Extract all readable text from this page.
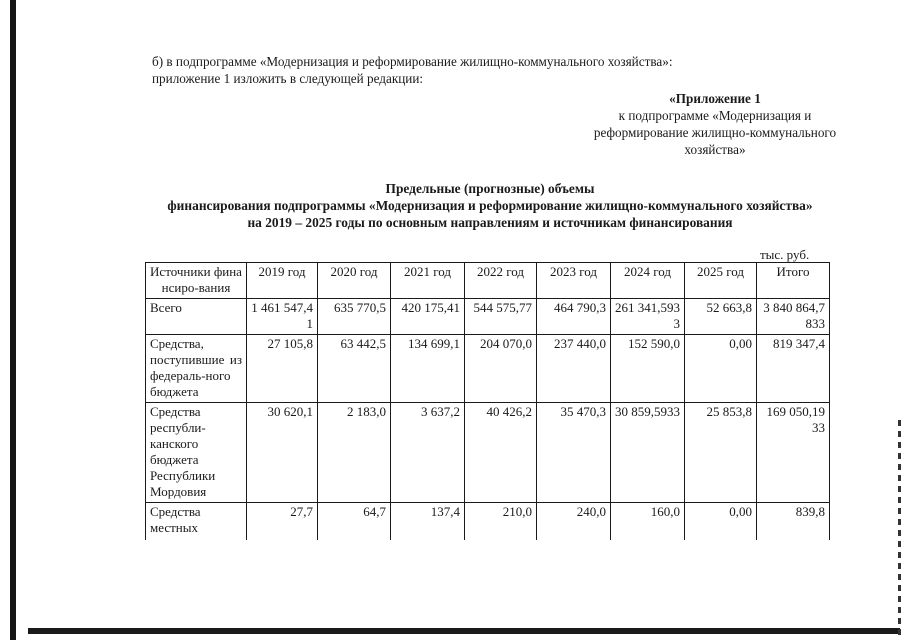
б) в подпрограмме «Модернизация и реформирование жилищно-коммунального хозяйства»:
приложение 1 изложить в следующей редакции:
«Приложение 1
к подпрограмме «Модернизация и
реформирование жилищно-коммунального
хозяйства»
Предельные (прогнозные) объемы
финансирования подпрограммы «Модернизация и реформирование жилищно-коммунального хозяйства»
на 2019 – 2025 годы по основным направлениям и источникам финансирования
тыс. руб.
Источники финансиро-вания	2019 год	2020 год	2021 год	2022 год	2023 год	2024 год	2025 год	Итого
Всего	1 461 547,41	635 770,5	420 175,41	544 575,77	464 790,3	261 341,5933	52 663,8	3 840 864,7833
Средства, поступившие из федераль-ного бюджета	27 105,8	63 442,5	134 699,1	204 070,0	237 440,0	152 590,0	0,00	819 347,4
Средства республи-канского бюджета Республики Мордовия	30 620,1	2 183,0	3 637,2	40 426,2	35 470,3	30 859,5933	25 853,8	169 050,1933
Средства местных	27,7	64,7	137,4	210,0	240,0	160,0	0,00	839,8
